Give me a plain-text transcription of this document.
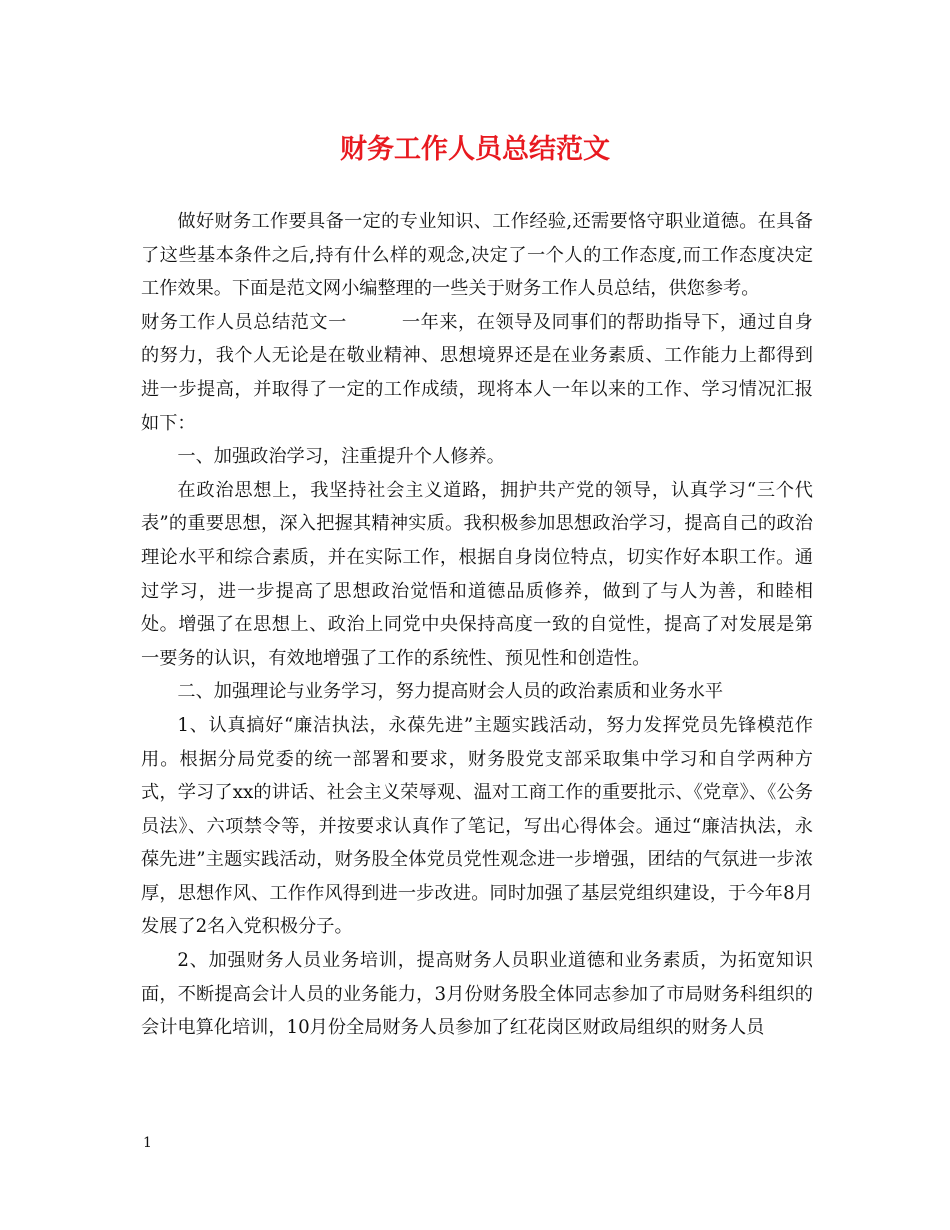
财务工作人员总结范文

做好财务工作要具备一定的专业知识、工作经验,还需要恪守职业道德。在具备了这些基本条件之后,持有什么样的观念,决定了一个人的工作态度,而工作态度决定工作效果。下面是范文网小编整理的一些关于财务工作人员总结，供您参考。

财务工作人员总结范文一	一年来，在领导及同事们的帮助指导下，通过自身的努力，我个人无论是在敬业精神、思想境界还是在业务素质、工作能力上都得到进一步提高，并取得了一定的工作成绩，现将本人一年以来的工作、学习情况汇报如下：

一、加强政治学习，注重提升个人修养。

在政治思想上，我坚持社会主义道路，拥护共产党的领导，认真学习“三个代表”的重要思想，深入把握其精神实质。我积极参加思想政治学习，提高自己的政治理论水平和综合素质，并在实际工作，根据自身岗位特点，切实作好本职工作。通过学习，进一步提高了思想政治觉悟和道德品质修养，做到了与人为善，和睦相处。增强了在思想上、政治上同党中央保持高度一致的自觉性，提高了对发展是第一要务的认识，有效地增强了工作的系统性、预见性和创造性。

二、加强理论与业务学习，努力提高财会人员的政治素质和业务水平

1、认真搞好“廉洁执法，永葆先进”主题实践活动，努力发挥党员先锋模范作用。根据分局党委的统一部署和要求，财务股党支部采取集中学习和自学两种方式，学习了xx的讲话、社会主义荣辱观、温对工商工作的重要批示、《党章》、《公务员法》、六项禁令等，并按要求认真作了笔记，写出心得体会。通过“廉洁执法，永葆先进”主题实践活动，财务股全体党员党性观念进一步增强，团结的气氛进一步浓厚，思想作风、工作作风得到进一步改进。同时加强了基层党组织建设，于今年8月发展了2名入党积极分子。

2、加强财务人员业务培训，提高财务人员职业道德和业务素质，为拓宽知识面，不断提高会计人员的业务能力，3月份财务股全体同志参加了市局财务科组织的会计电算化培训，10月份全局财务人员参加了红花岗区财政局组织的财务人员

1
